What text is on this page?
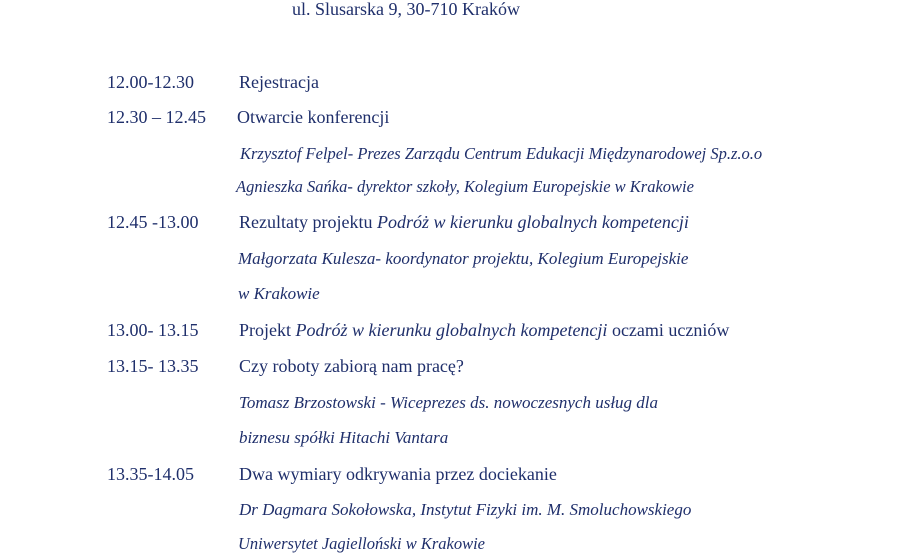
ul. Slusarska 9, 30-710 Kraków
12.00-12.30	Rejestracja
12.30 – 12.45 Otwarcie konferencji
Krzysztof Felpel- Prezes Zarządu Centrum Edukacji Międzynarodowej Sp.z.o.o
Agnieszka Sańka- dyrektor szkoły, Kolegium Europejskie w Krakowie
12.45 -13.00 Rezultaty projektu Podróż w kierunku globalnych kompetencji
Małgorzata Kulesza- koordynator projektu, Kolegium Europejskie
w Krakowie
13.00- 13.15 Projekt Podróż w kierunku globalnych kompetencji oczami uczniów
13.15- 13.35 Czy roboty zabiorą nam pracę?
Tomasz Brzostowski - Wiceprezes ds. nowoczesnych usług dla
biznesu spółki Hitachi Vantara
13.35-14.05	Dwa wymiary odkrywania przez dociekanie
Dr Dagmara Sokołowska, Instytut Fizyki im. M. Smoluchowskiego
Uniwersytet Jagielloński w Krakowie
